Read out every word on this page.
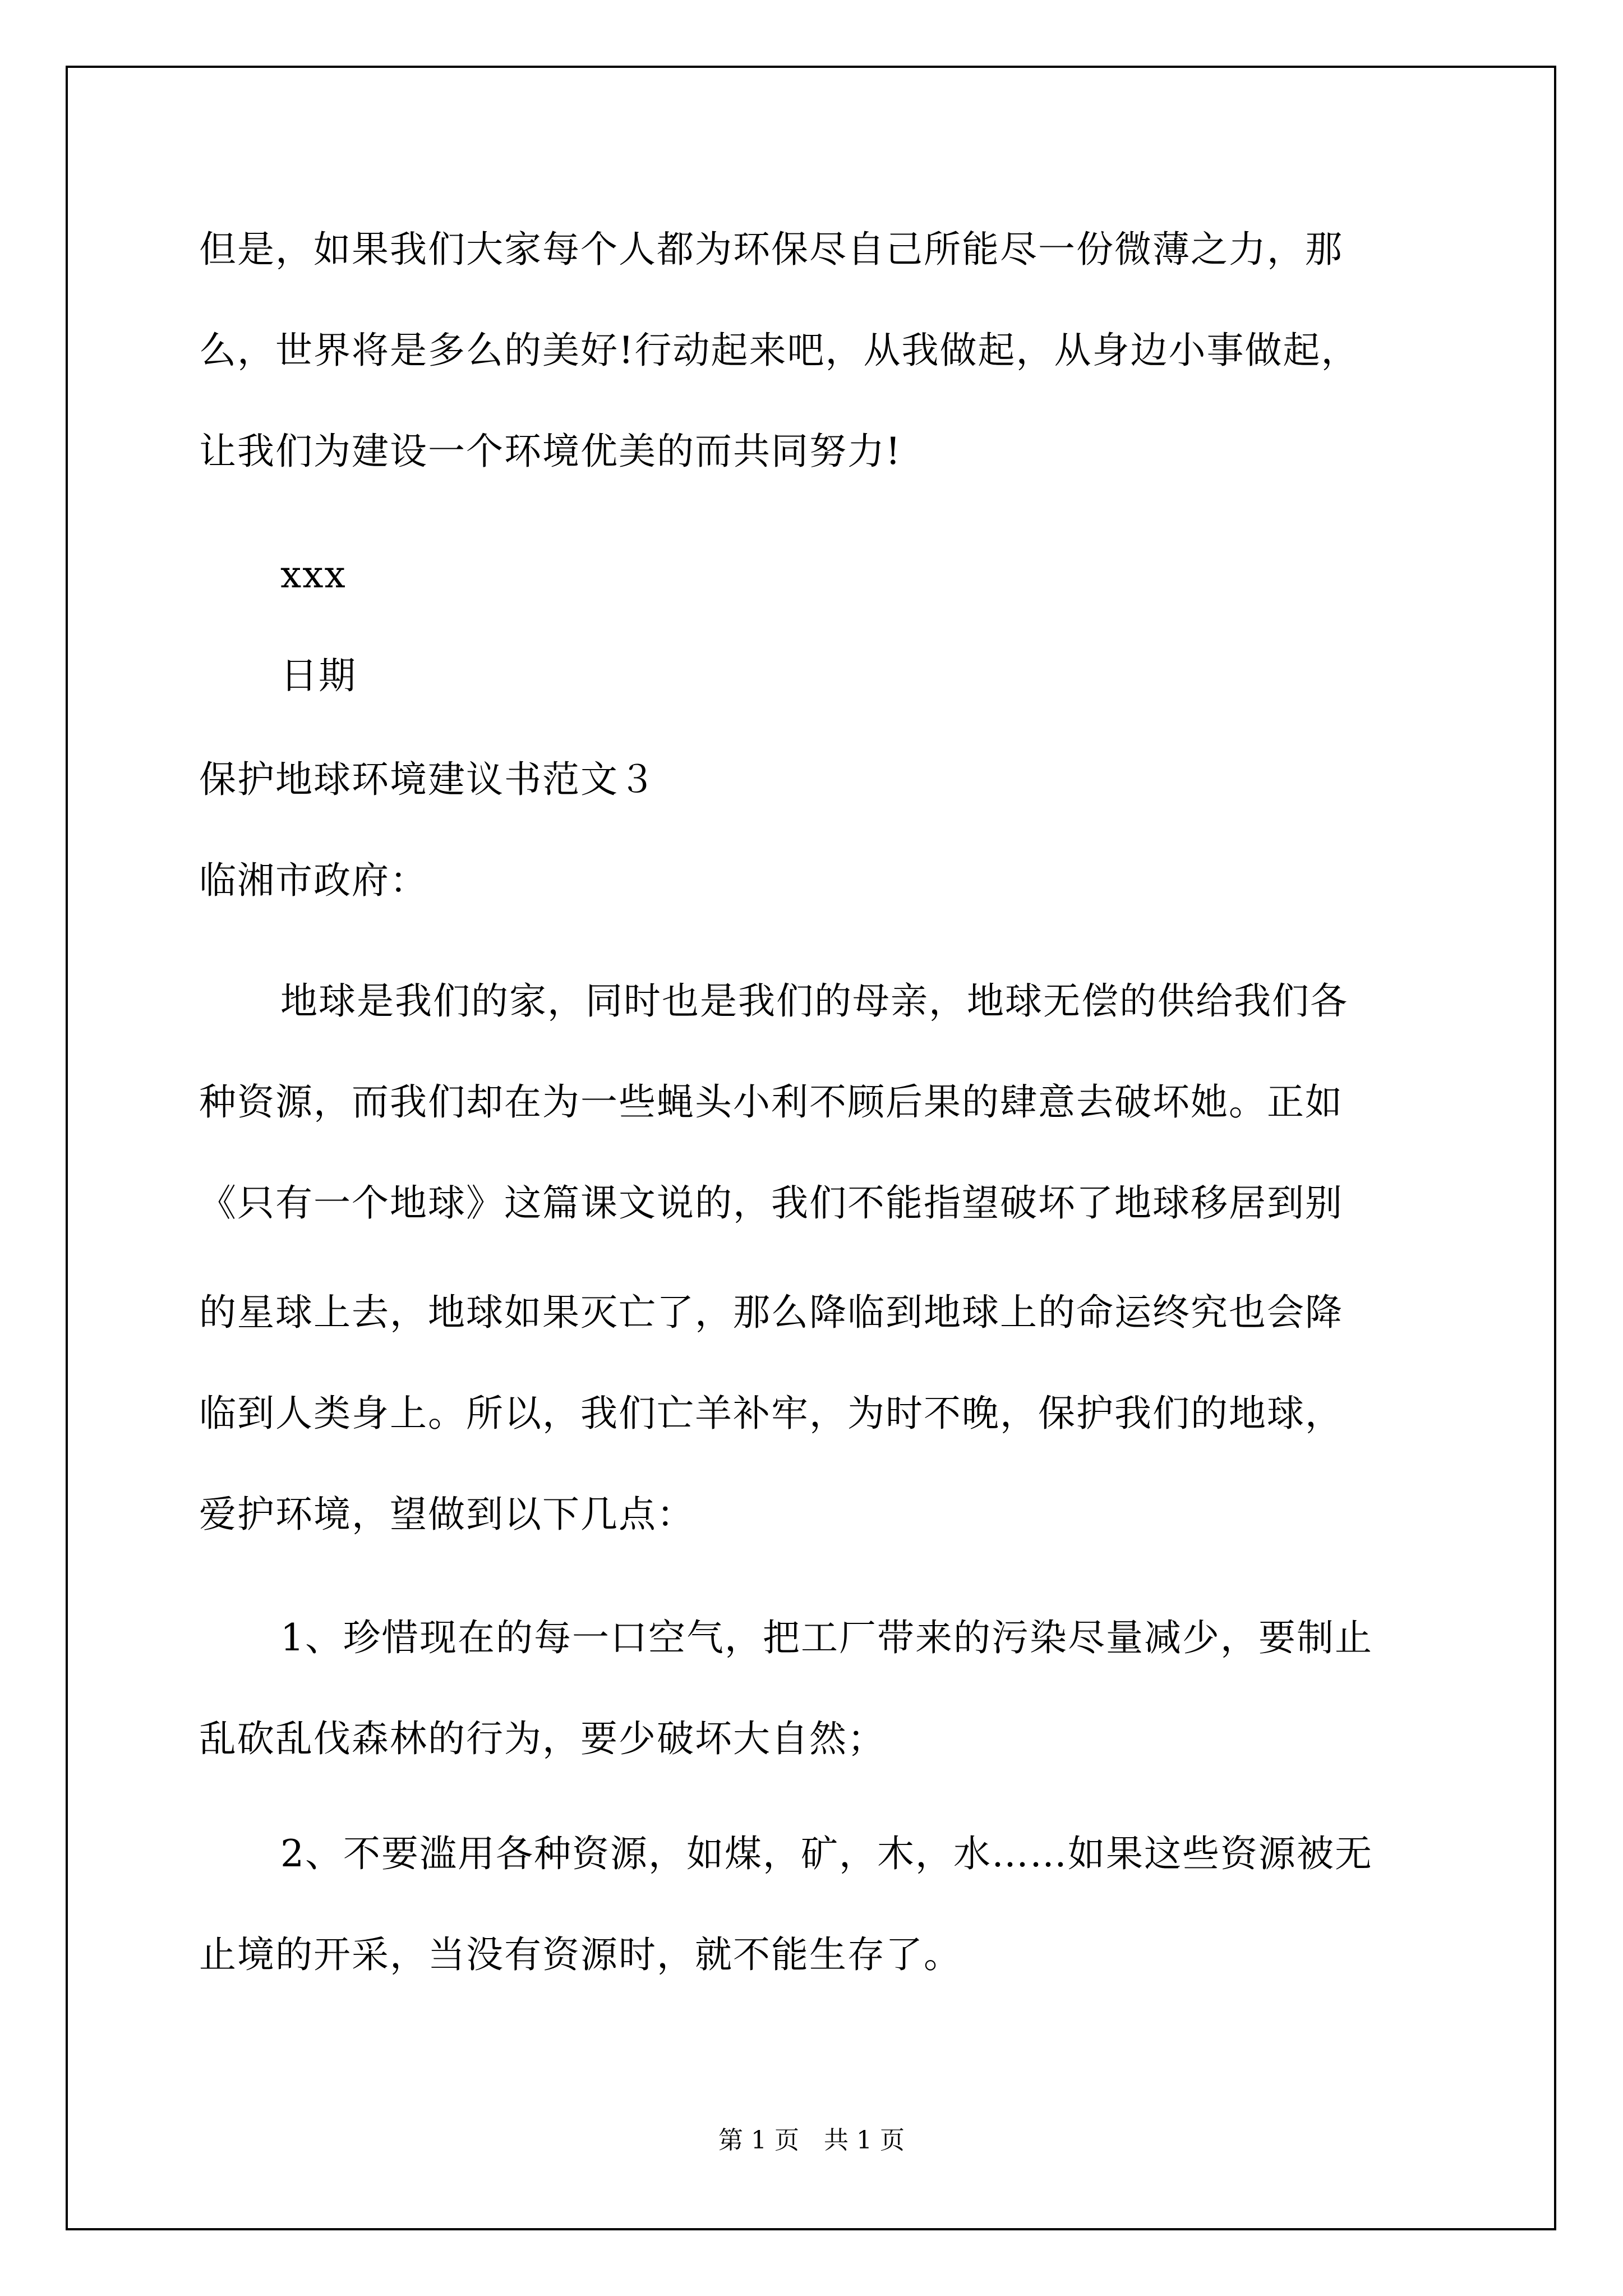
但是，如果我们大家每个人都为环保尽自己所能尽一份微薄之力，那
么，世界将是多么的美好!行动起来吧，从我做起，从身边小事做起，
让我们为建设一个环境优美的而共同努力!
xxx
日期
保护地球环境建议书范文３
临湘市政府：
地球是我们的家，同时也是我们的母亲，地球无偿的供给我们各
种资源，而我们却在为一些蝇头小利不顾后果的肆意去破坏她。正如
《只有一个地球》这篇课文说的，我们不能指望破坏了地球移居到别
的星球上去，地球如果灭亡了，那么降临到地球上的命运终究也会降
临到人类身上。所以，我们亡羊补牢，为时不晚，保护我们的地球，
爱护环境，望做到以下几点：
1、珍惜现在的每一口空气，把工厂带来的污染尽量减少，要制止
乱砍乱伐森林的行为，要少破坏大自然；
2、不要滥用各种资源，如煤，矿，木，水……如果这些资源被无
止境的开采，当没有资源时，就不能生存了。
第 1 页　共 1 页
